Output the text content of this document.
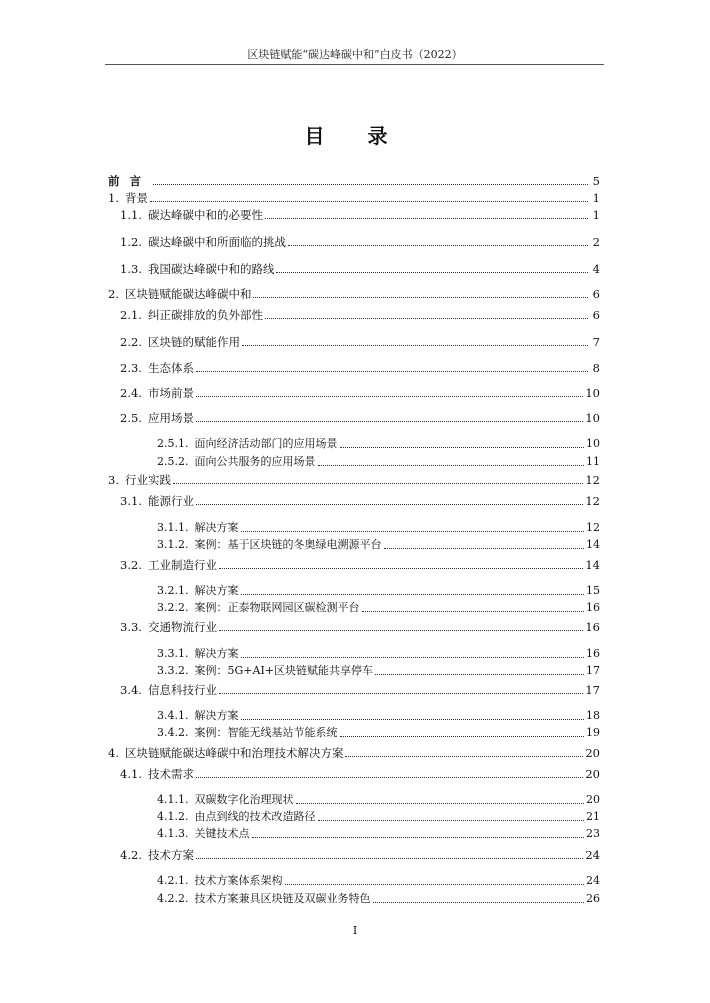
区块链赋能“碳达峰碳中和”白皮书（2022）
目 录
前言	5
1. 背景	1
1.1. 碳达峰碳中和的必要性	1
1.2. 碳达峰碳中和所面临的挑战	2
1.3. 我国碳达峰碳中和的路线	4
2. 区块链赋能碳达峰碳中和	6
2.1. 纠正碳排放的负外部性	6
2.2. 区块链的赋能作用	7
2.3. 生态体系	8
2.4. 市场前景	10
2.5. 应用场景	10
2.5.1. 面向经济活动部门的应用场景	10
2.5.2. 面向公共服务的应用场景	11
3. 行业实践	12
3.1. 能源行业	12
3.1.1. 解决方案	12
3.1.2. 案例：基于区块链的冬奥绿电溯源平台	14
3.2. 工业制造行业	14
3.2.1. 解决方案	15
3.2.2. 案例：正泰物联网园区碳检测平台	16
3.3. 交通物流行业	16
3.3.1. 解决方案	16
3.3.2. 案例：5G+AI+区块链赋能共享停车	17
3.4. 信息科技行业	17
3.4.1. 解决方案	18
3.4.2. 案例：智能无线基站节能系统	19
4. 区块链赋能碳达峰碳中和治理技术解决方案	20
4.1. 技术需求	20
4.1.1. 双碳数字化治理现状	20
4.1.2. 由点到线的技术改造路径	21
4.1.3. 关键技术点	23
4.2. 技术方案	24
4.2.1. 技术方案体系架构	24
4.2.2. 技术方案兼具区块链及双碳业务特色	26
I
